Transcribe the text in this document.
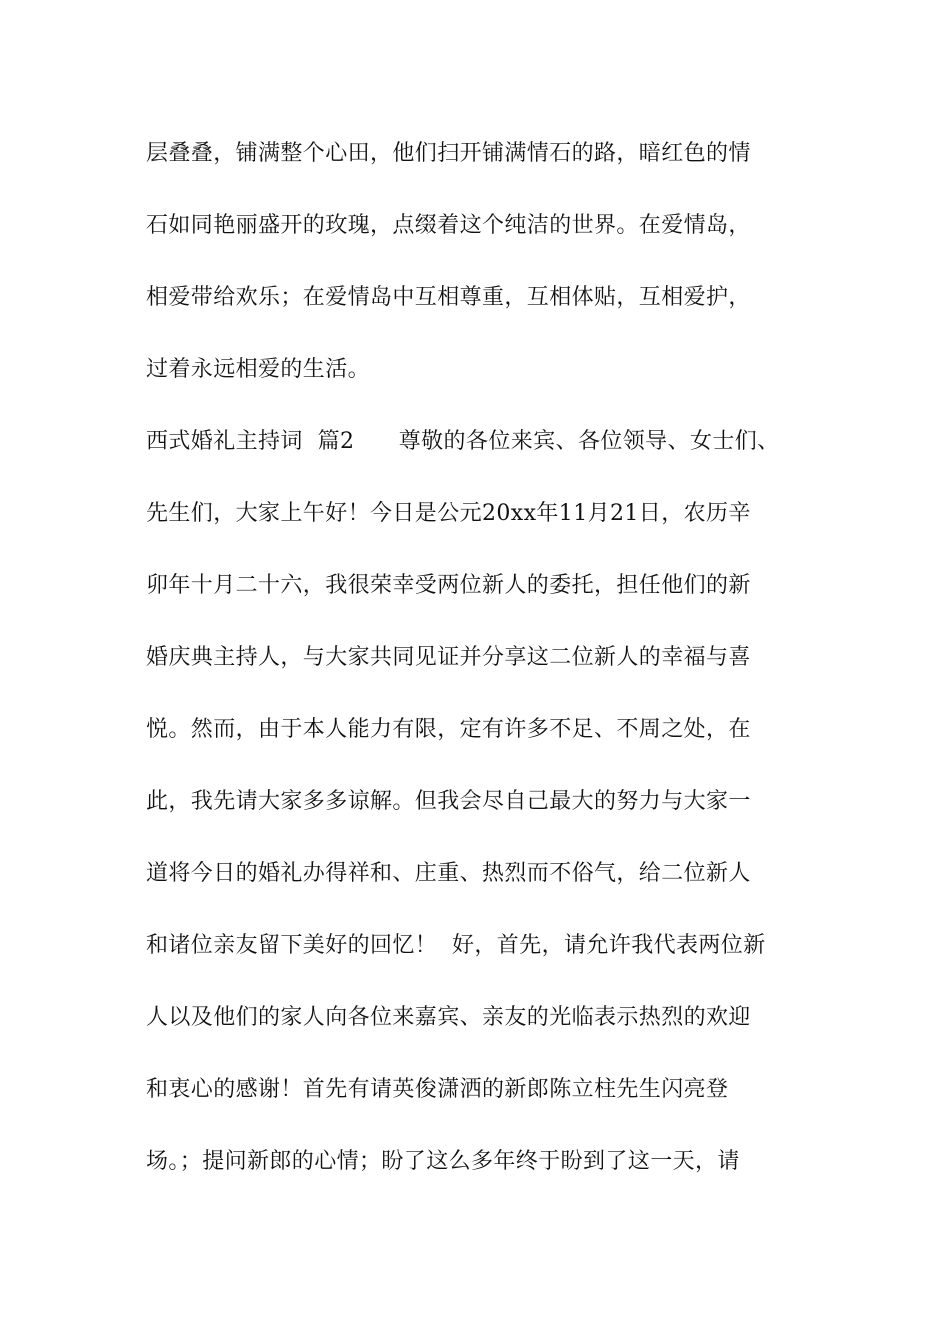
层叠叠，铺满整个心田，他们扫开铺满情石的路，暗红色的情

石如同艳丽盛开的玫瑰，点缀着这个纯洁的世界。在爱情岛，

相爱带给欢乐；在爱情岛中互相尊重，互相体贴，互相爱护，

过着永远相爱的生活。

西式婚礼主持词  篇2      尊敬的各位来宾、各位领导、女士们、

先生们，大家上午好！今日是公元20xx年11月21日，农历辛

卯年十月二十六，我很荣幸受两位新人的委托，担任他们的新

婚庆典主持人，与大家共同见证并分享这二位新人的幸福与喜

悦。然而，由于本人能力有限，定有许多不足、不周之处，在

此，我先请大家多多谅解。但我会尽自己最大的努力与大家一

道将今日的婚礼办得祥和、庄重、热烈而不俗气，给二位新人

和诸位亲友留下美好的回忆！  好，首先，请允许我代表两位新

人以及他们的家人向各位来嘉宾、亲友的光临表示热烈的欢迎

和衷心的感谢！首先有请英俊潇洒的新郎陈立柱先生闪亮登

场。；提问新郎的心情；盼了这么多年终于盼到了这一天，请
